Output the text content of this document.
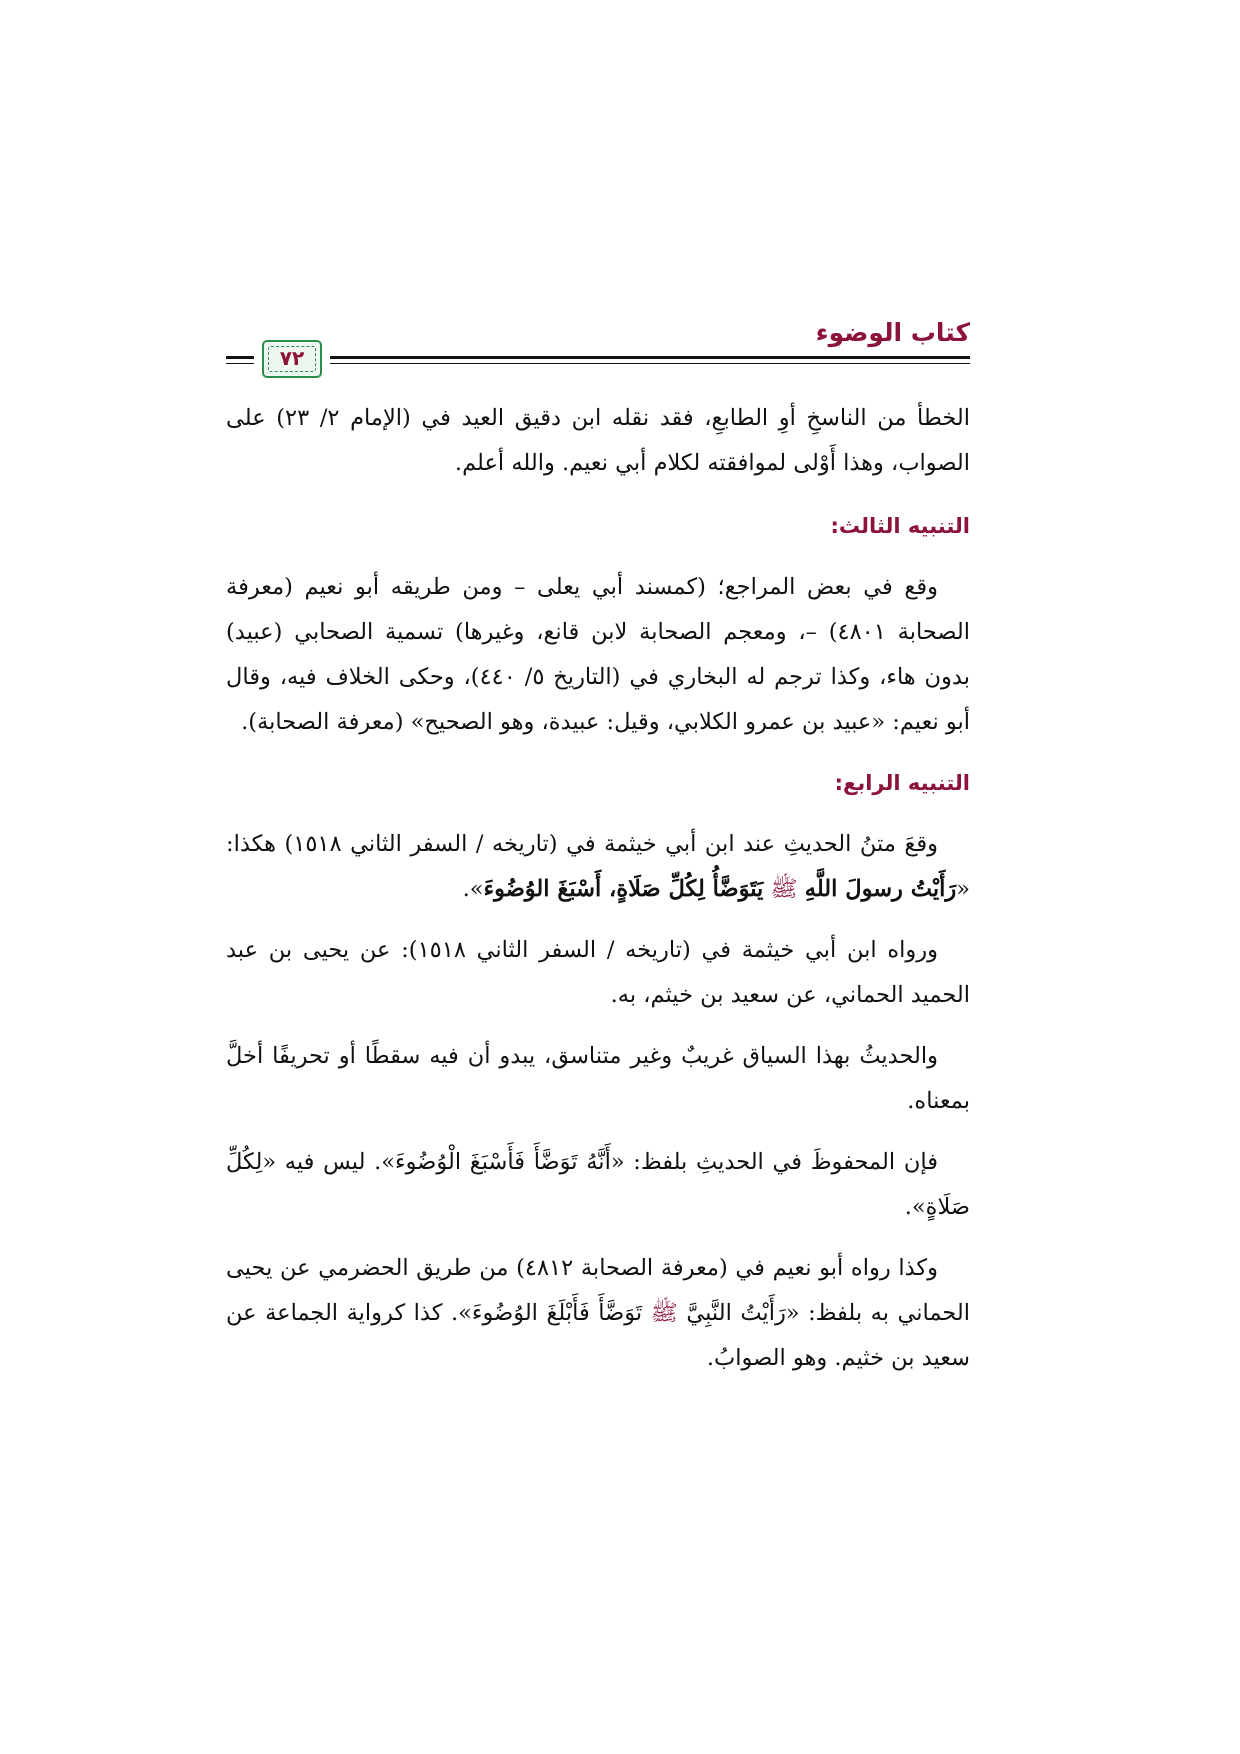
كتاب الوضوء
٧٢

الخطأ من الناسخِ أوِ الطابعِ، فقد نقله ابن دقيق العيد في (الإمام ٢/ ٢٣) على الصواب، وهذا أَوْلى لموافقته لكلام أبي نعيم. والله أعلم.

التنبيه الثالث:

وقع في بعض المراجع؛ (كمسند أبي يعلى – ومن طريقه أبو نعيم (معرفة الصحابة ٤٨٠١) –، ومعجم الصحابة لابن قانع، وغيرها) تسمية الصحابي (عبيد) بدون هاء، وكذا ترجم له البخاري في (التاريخ ٥/ ٤٤٠)، وحكى الخلاف فيه، وقال أبو نعيم: «عبيد بن عمرو الكلابي، وقيل: عبيدة، وهو الصحيح» (معرفة الصحابة).

التنبيه الرابع:

وقعَ متنُ الحديثِ عند ابن أبي خيثمة في (تاريخه / السفر الثاني ١٥١٨) هكذا: «رَأَيْتُ رسولَ اللَّهِ ﷺ يَتَوَضَّأُ لِكُلِّ صَلَاةٍ، أَسْبَغَ الوُضُوءَ».

ورواه ابن أبي خيثمة في (تاريخه / السفر الثاني ١٥١٨): عن يحيى بن عبد الحميد الحماني، عن سعيد بن خيثم، به.

والحديثُ بهذا السياق غريبٌ وغير متناسق، يبدو أن فيه سقطًا أو تحريفًا أخلَّ بمعناه.

فإن المحفوظَ في الحديثِ بلفظ: «أَنَّهُ تَوَضَّأَ فَأَسْبَغَ الْوُضُوءَ». ليس فيه «لِكُلِّ صَلَاةٍ».

وكذا رواه أبو نعيم في (معرفة الصحابة ٤٨١٢) من طريق الحضرمي عن يحيى الحماني به بلفظ: «رَأَيْتُ النَّبِيَّ ﷺ تَوَضَّأَ فَأَبْلَغَ الوُضُوءَ». كذا كرواية الجماعة عن سعيد بن خثيم. وهو الصوابُ.
